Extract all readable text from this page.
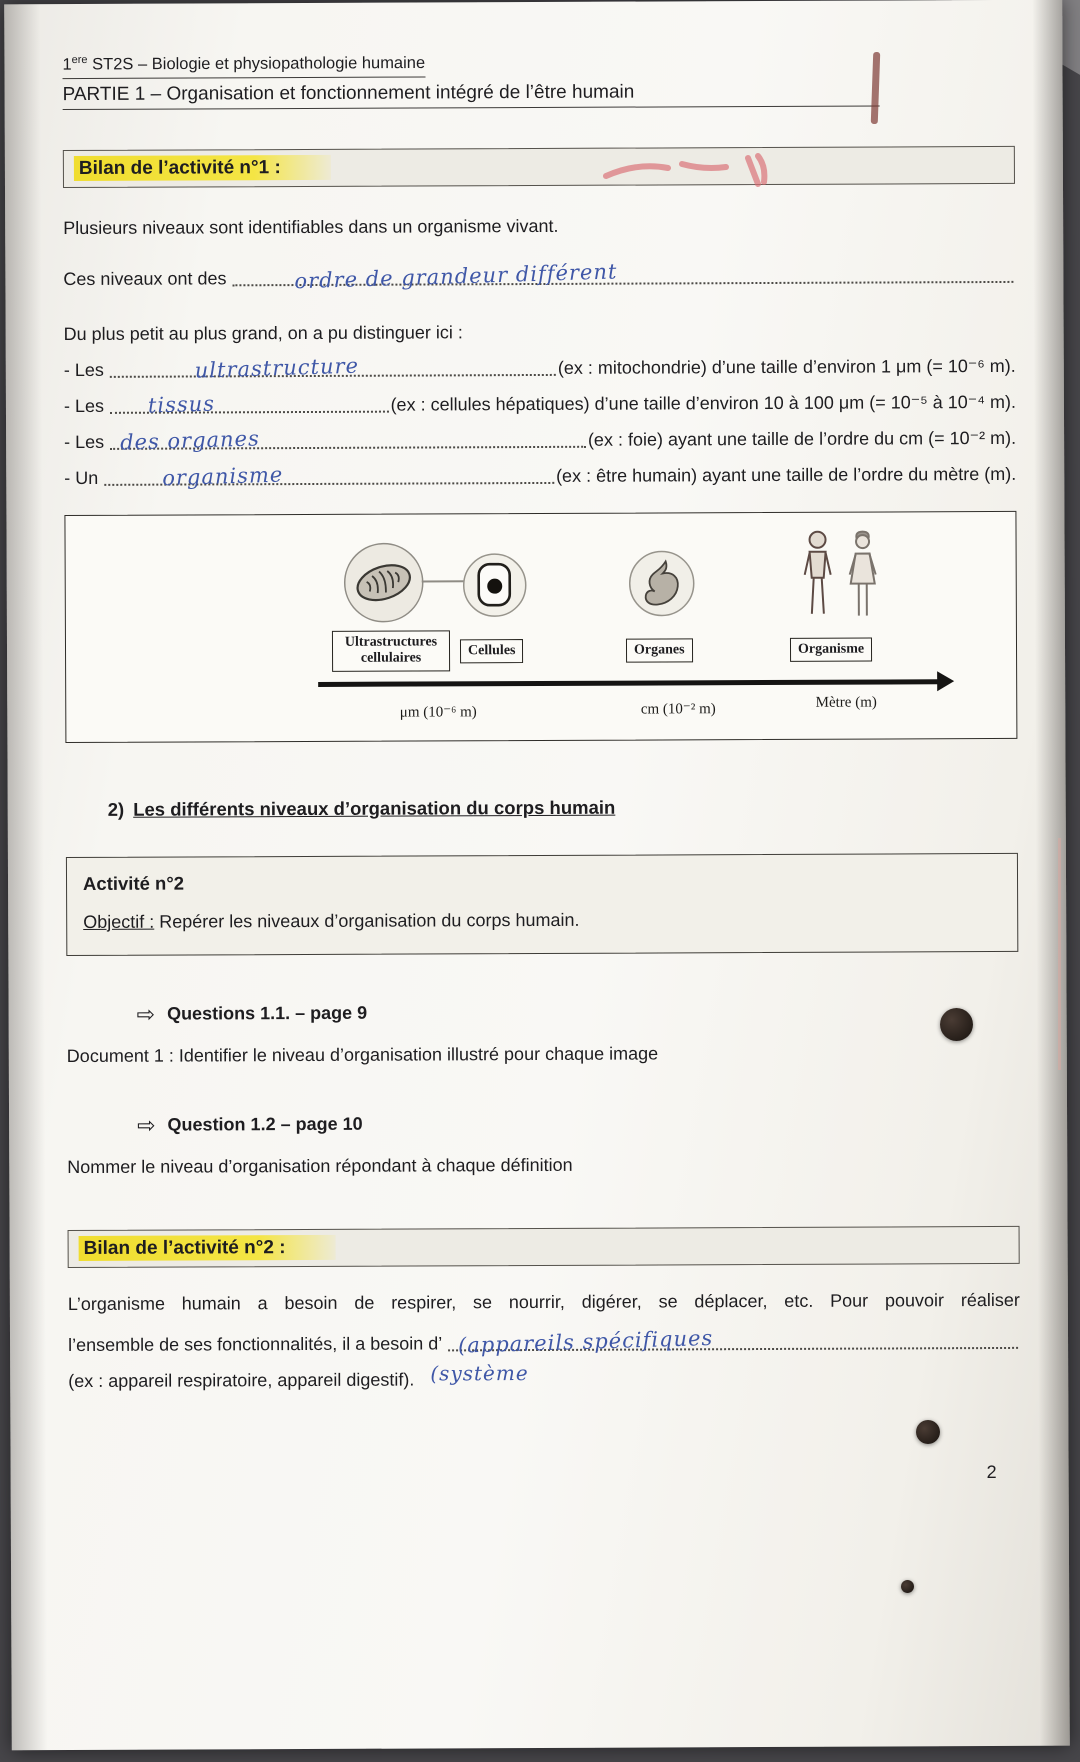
1ere ST2S – Biologie et physiopathologie humaine
PARTIE 1 – Organisation et fonctionnement intégré de l’être humain
Bilan de l’activité n°1 :
Plusieurs niveaux sont identifiables dans un organisme vivant.
Ces niveaux ont des	ordre de grandeur différent
Du plus petit au plus grand, on a pu distinguer ici :
- Les	ultrastructure	(ex : mitochondrie) d’une taille d’environ 1 μm (= 10⁻⁶ m).
- Les tissus	(ex : cellules hépatiques) d’une taille d’environ 10 à 100 μm (= 10⁻⁵ à 10⁻⁴ m).
- Les des organes	(ex : foie) ayant une taille de l’ordre du cm (= 10⁻² m).
- Un	organisme	(ex : être humain) ayant une taille de l’ordre du mètre (m).
Ultrastructures cellulaires
Cellules	Organes	Organisme
μm (10⁻⁶ m)	cm (10⁻² m)	Mètre (m)
2) Les différents niveaux d’organisation du corps humain
Activité n°2
Objectif : Repérer les niveaux d’organisation du corps humain.
⇨ Questions 1.1. – page 9
Document 1 : Identifier le niveau d’organisation illustré pour chaque image
⇨ Question 1.2 – page 10
Nommer le niveau d’organisation répondant à chaque définition
Bilan de l’activité n°2 :
L’organisme humain a besoin de respirer, se nourrir, digérer, se déplacer, etc. Pour pouvoir réaliser
l’ensemble de ses fonctionnalités, il a besoin d’ (appareils spécifiques
(ex : appareil respiratoire, appareil digestif). (système
2
